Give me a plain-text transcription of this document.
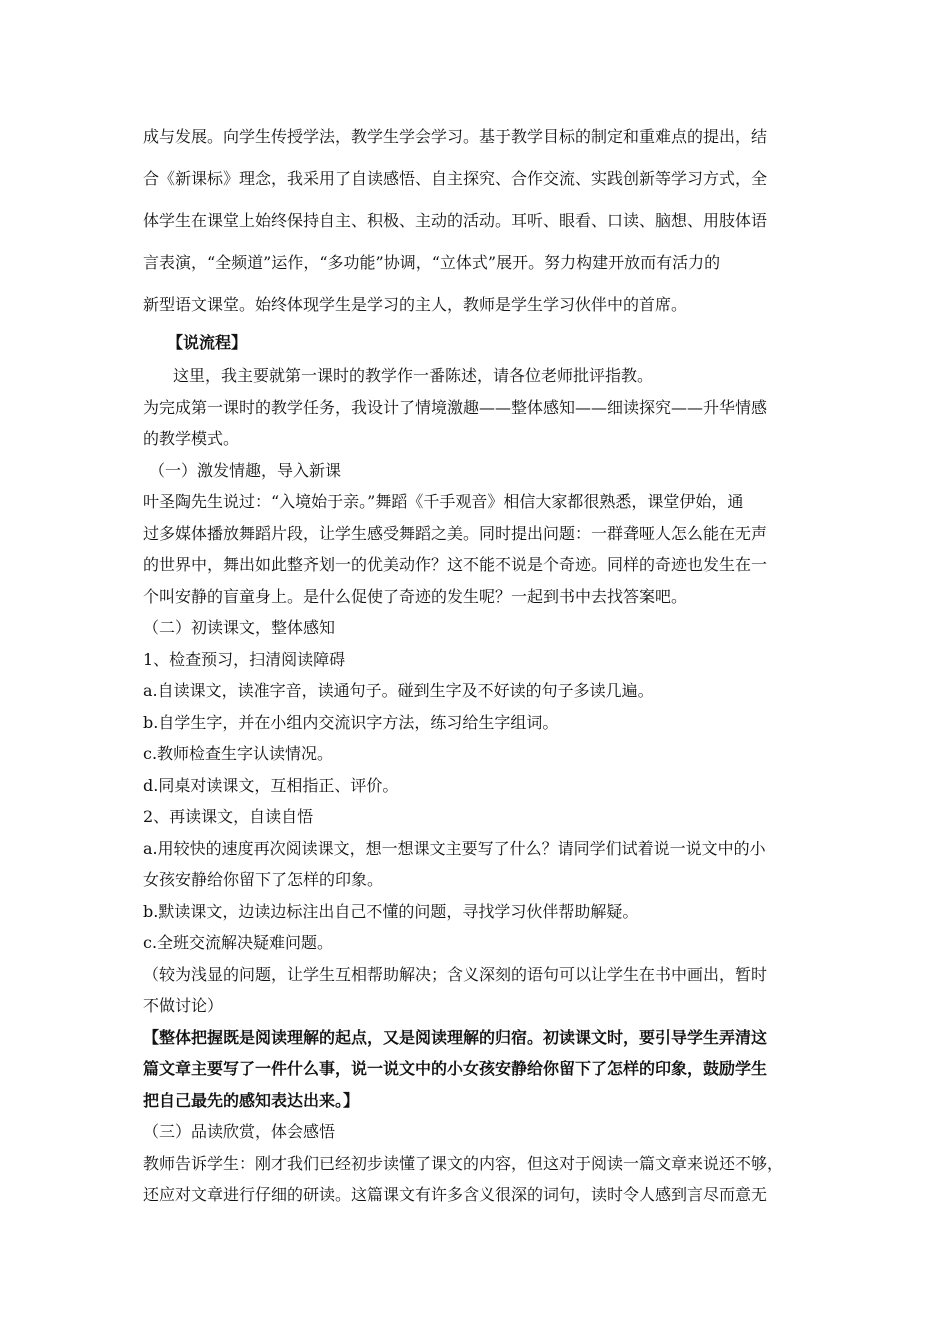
成与发展。向学生传授学法，教学生学会学习。基于教学目标的制定和重难点的提出，结

合《新课标》理念，我采用了自读感悟、自主探究、合作交流、实践创新等学习方式，全

体学生在课堂上始终保持自主、积极、主动的活动。耳听、眼看、口读、脑想、用肢体语

言表演，“全频道”运作，“多功能”协调，“立体式”展开。努力构建开放而有活力的

新型语文课堂。始终体现学生是学习的主人，教师是学生学习伙伴中的首席。

【说流程】

这里，我主要就第一课时的教学作一番陈述，请各位老师批评指教。

为完成第一课时的教学任务，我设计了情境激趣——整体感知——细读探究——升华情感

的教学模式。

（一）激发情趣，导入新课

叶圣陶先生说过：“入境始于亲。”舞蹈《千手观音》相信大家都很熟悉，课堂伊始，通

过多媒体播放舞蹈片段，让学生感受舞蹈之美。同时提出问题：一群聋哑人怎么能在无声

的世界中，舞出如此整齐划一的优美动作？这不能不说是个奇迹。同样的奇迹也发生在一

个叫安静的盲童身上。是什么促使了奇迹的发生呢？一起到书中去找答案吧。

（二）初读课文，整体感知

1、检查预习，扫清阅读障碍

a.自读课文，读准字音，读通句子。碰到生字及不好读的句子多读几遍。

b.自学生字，并在小组内交流识字方法，练习给生字组词。

c.教师检查生字认读情况。

d.同桌对读课文，互相指正、评价。

2、再读课文，自读自悟

a.用较快的速度再次阅读课文，想一想课文主要写了什么？请同学们试着说一说文中的小

女孩安静给你留下了怎样的印象。

b.默读课文，边读边标注出自己不懂的问题，寻找学习伙伴帮助解疑。

c.全班交流解决疑难问题。

（较为浅显的问题，让学生互相帮助解决；含义深刻的语句可以让学生在书中画出，暂时

不做讨论）

【整体把握既是阅读理解的起点，又是阅读理解的归宿。初读课文时，要引导学生弄清这

篇文章主要写了一件什么事，说一说文中的小女孩安静给你留下了怎样的印象，鼓励学生

把自己最先的感知表达出来。】

（三）品读欣赏，体会感悟

教师告诉学生：刚才我们已经初步读懂了课文的内容，但这对于阅读一篇文章来说还不够，

还应对文章进行仔细的研读。这篇课文有许多含义很深的词句，读时令人感到言尽而意无
